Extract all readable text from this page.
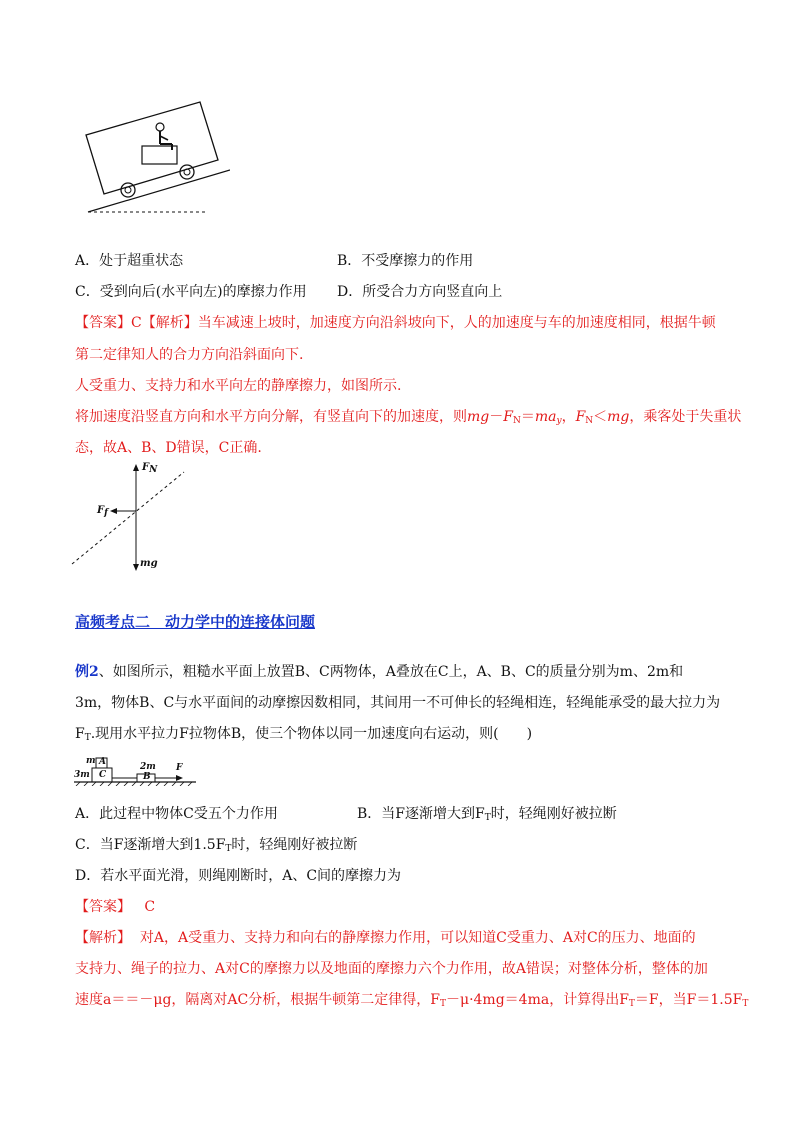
A．处于超重状态	B．不受摩擦力的作用
C．受到向后(水平向左)的摩擦力作用 D．所受合力方向竖直向上
【答案】C【解析】当车减速上坡时，加速度方向沿斜坡向下，人的加速度与车的加速度相同，根据牛顿
第二定律知人的合力方向沿斜面向下.
人受重力、支持力和水平向左的静摩擦力，如图所示.
将加速度沿竖直方向和水平方向分解，有竖直向下的加速度，则$mg-F_N=ma_y$，$F_N<mg$，乘客处于失重状
态，故A、B、D错误，C正确.
$F_N$
$F_f$
mg
高频考点二　动力学中的连接体问题
例2、如图所示，粗糙水平面上放置B、C两物体，A叠放在C上，A、B、C的质量分别为m、2m和
3m，物体B、C与水平面间的动摩擦因数相同，其间用一不可伸长的轻绳相连，轻绳能承受的最大拉力为
$F_T$.现用水平拉力F拉物体B，使三个物体以同一加速度向右运动，则(　　)
m A
C
3m
2m
B
F
A．此过程中物体C受五个力作用	B．当F逐渐增大到$F_T$时，轻绳刚好被拉断
C．当F逐渐增大到$1.5F_T$时，轻绳刚好被拉断
D．若水平面光滑，则绳刚断时，A、C间的摩擦力为
【答案】 C
【解析】 对A，A受重力、支持力和向右的静摩擦力作用，可以知道C受重力、A对C的压力、地面的
支持力、绳子的拉力、A对C的摩擦力以及地面的摩擦力六个力作用，故A错误；对整体分析，整体的加
速度a＝＝－μg，隔离对AC分析，根据牛顿第二定律得，$F_T-\mu\cdot 4mg=4ma$，计算得出$F_T=F$，当$F=1.5F_T$
